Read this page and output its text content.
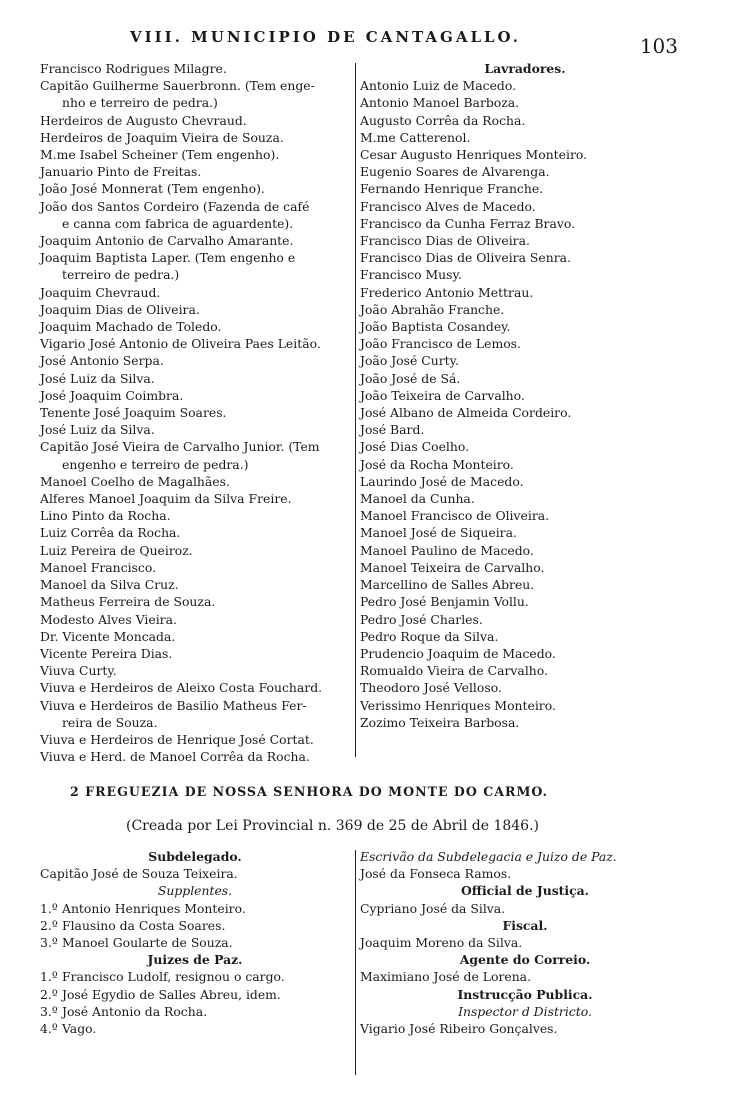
VIII. MUNICIPIO DE CANTAGALLO.	103
Francisco Rodrigues Milagre.
Capitão Guilherme Sauerbronn. (Tem enge-
nho e terreiro de pedra.)
Herdeiros de Augusto Chevraud.
Herdeiros de Joaquim Vieira de Souza.
M.me Isabel Scheiner (Tem engenho).
Januario Pinto de Freitas.
João José Monnerat (Tem engenho).
João dos Santos Cordeiro (Fazenda de café
e canna com fabrica de aguardente).
Joaquim Antonio de Carvalho Amarante.
Joaquim Baptista Laper. (Tem engenho e
terreiro de pedra.)
Joaquim Chevraud.
Joaquim Dias de Oliveira.
Joaquim Machado de Toledo.
Vigario José Antonio de Oliveira Paes Leitão.
José Antonio Serpa.
José Luiz da Silva.
José Joaquim Coimbra.
Tenente José Joaquim Soares.
José Luiz da Silva.
Capitão José Vieira de Carvalho Junior. (Tem
engenho e terreiro de pedra.)
Manoel Coelho de Magalhães.
Alferes Manoel Joaquim da Silva Freire.
Lino Pinto da Rocha.
Luiz Corrêa da Rocha.
Luiz Pereira de Queiroz.
Manoel Francisco.
Manoel da Silva Cruz.
Matheus Ferreira de Souza.
Modesto Alves Vieira.
Dr. Vicente Moncada.
Vicente Pereira Dias.
Viuva Curty.
Viuva e Herdeiros de Aleixo Costa Fouchard.
Viuva e Herdeiros de Basilio Matheus Fer-
reira de Souza.
Viuva e Herdeiros de Henrique José Cortat.
Viuva e Herd. de Manoel Corrêa da Rocha.
Lavradores.
Antonio Luiz de Macedo.
Antonio Manoel Barboza.
Augusto Corrêa da Rocha.
M.me Catterenol.
Cesar Augusto Henriques Monteiro.
Eugenio Soares de Alvarenga.
Fernando Henrique Franche.
Francisco Alves de Macedo.
Francisco da Cunha Ferraz Bravo.
Francisco Dias de Oliveira.
Francisco Dias de Oliveira Senra.
Francisco Musy.
Frederico Antonio Mettrau.
João Abrahão Franche.
João Baptista Cosandey.
João Francisco de Lemos.
João José Curty.
João José de Sá.
João Teixeira de Carvalho.
José Albano de Almeida Cordeiro.
José Bard.
José Dias Coelho.
José da Rocha Monteiro.
Laurindo José de Macedo.
Manoel da Cunha.
Manoel Francisco de Oliveira.
Manoel José de Siqueira.
Manoel Paulino de Macedo.
Manoel Teixeira de Carvalho.
Marcellino de Salles Abreu.
Pedro José Benjamin Vollu.
Pedro José Charles.
Pedro Roque da Silva.
Prudencio Joaquim de Macedo.
Romualdo Vieira de Carvalho.
Theodoro José Velloso.
Verissimo Henriques Monteiro.
Zozimo Teixeira Barbosa.
2 FREGUEZIA DE NOSSA SENHORA DO MONTE DO CARMO.
(Creada por Lei Provincial n. 369 de 25 de Abril de 1846.)
Subdelegado.
Capitão José de Souza Teixeira.
Supplentes.
1.º Antonio Henriques Monteiro.
2.º Flausino da Costa Soares.
3.º Manoel Goularte de Souza.
Juizes de Paz.
1.º Francisco Ludolf, resignou o cargo.
2.º José Egydio de Salles Abreu, idem.
3.º José Antonio da Rocha.
4.º Vago.
Escrivão da Subdelegacia e Juizo de Paz.
José da Fonseca Ramos.
Official de Justiça.
Cypriano José da Silva.
Fiscal.
Joaquim Moreno da Silva.
Agente do Correio.
Maximiano José de Lorena.
Instrucção Publica.
Inspector d Districto.
Vigario José Ribeiro Gonçalves.
